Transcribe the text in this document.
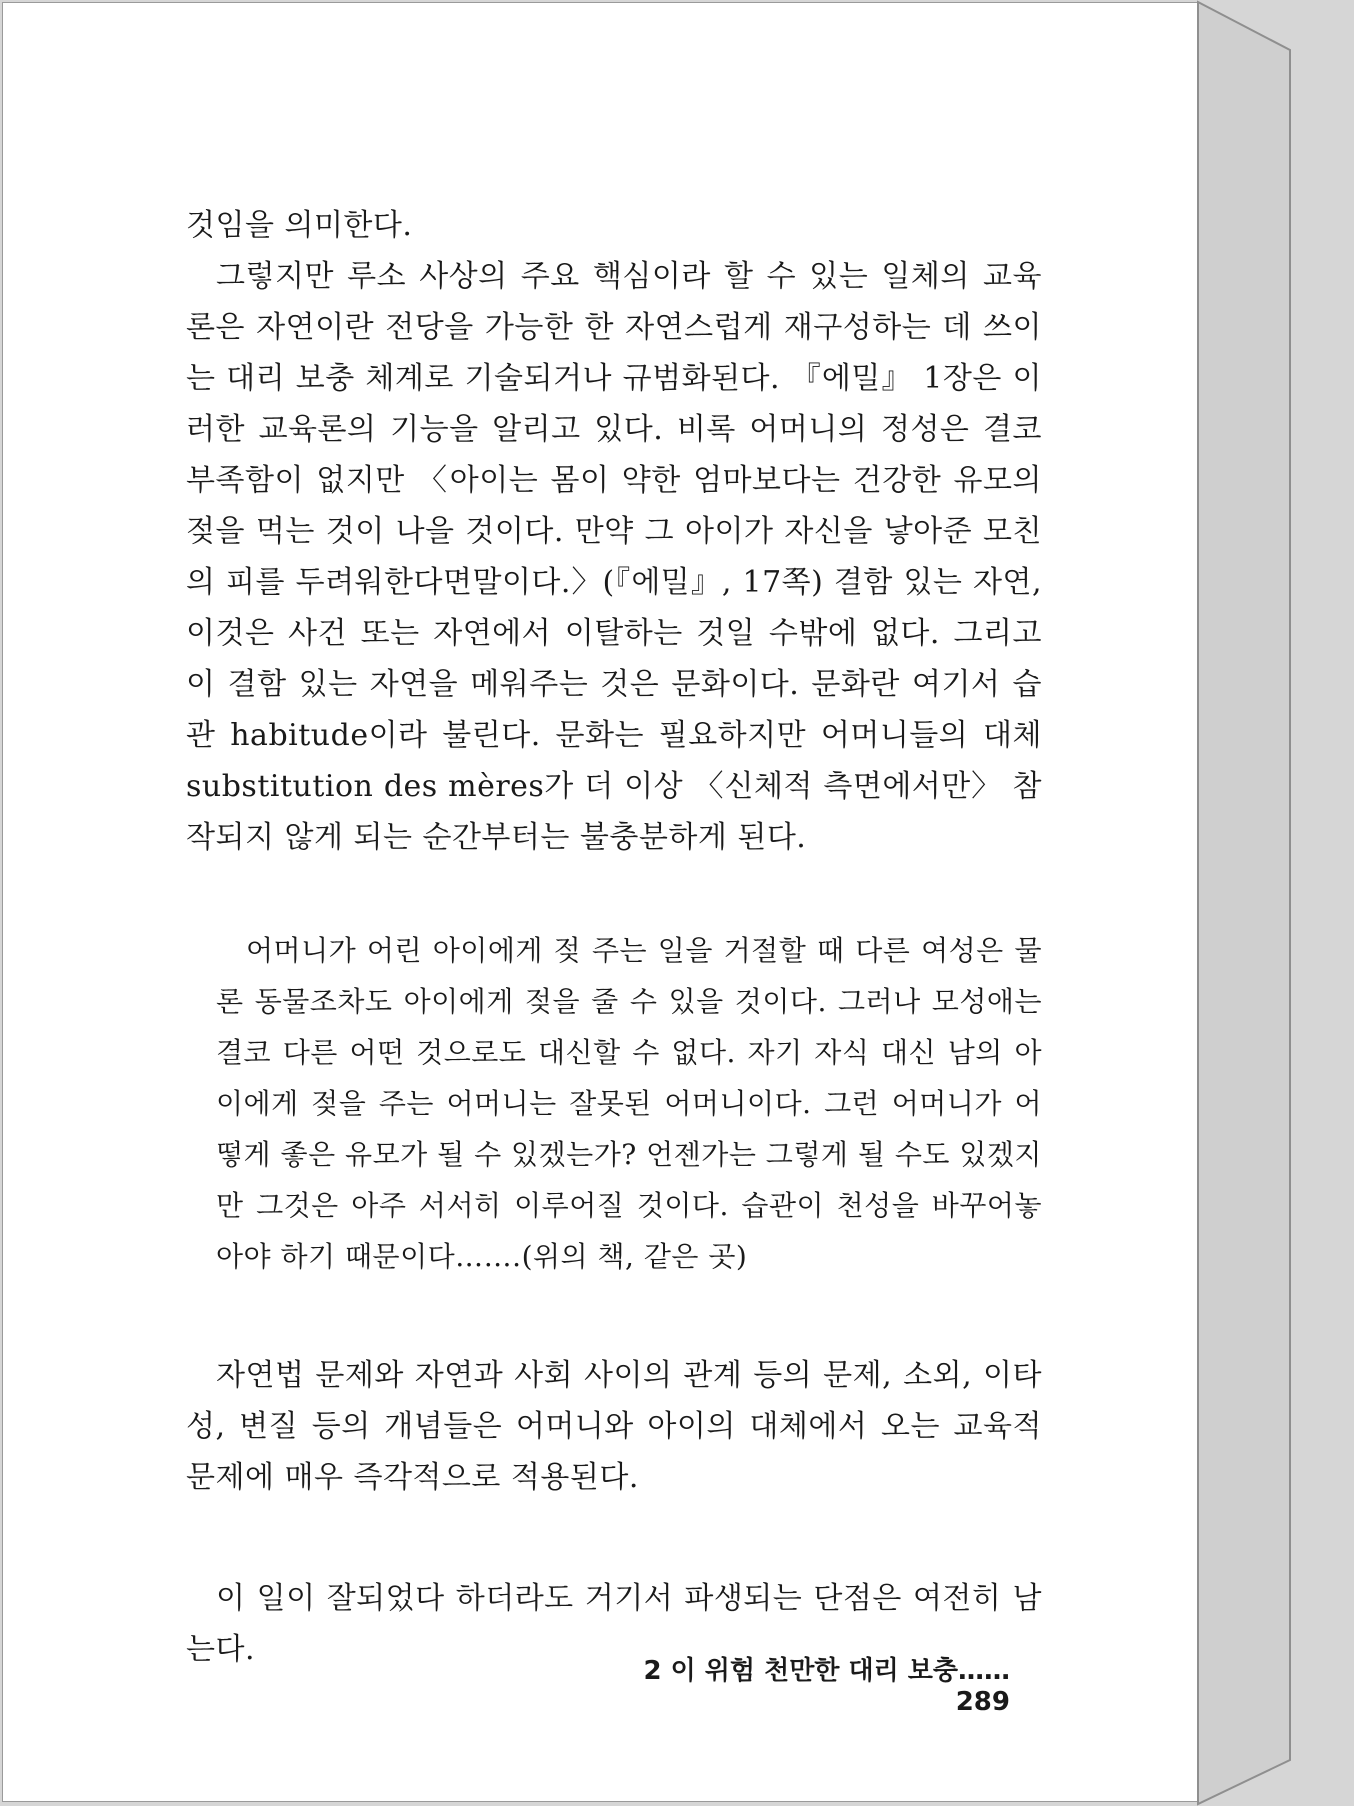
것임을 의미한다.

그렇지만 루소 사상의 주요 핵심이라 할 수 있는 일체의 교육론은 자연이란 전당을 가능한 한 자연스럽게 재구성하는 데 쓰이는 대리 보충 체계로 기술되거나 규범화된다. 『에밀』 1장은 이러한 교육론의 기능을 알리고 있다. 비록 어머니의 정성은 결코 부족함이 없지만 〈아이는 몸이 약한 엄마보다는 건강한 유모의 젖을 먹는 것이 나을 것이다. 만약 그 아이가 자신을 낳아준 모친의 피를 두려워한다면말이다.〉(『에밀』, 17쪽) 결함 있는 자연, 이것은 사건 또는 자연에서 이탈하는 것일 수밖에 없다. 그리고 이 결함 있는 자연을 메워주는 것은 문화이다. 문화란 여기서 습관 habitude이라 불린다. 문화는 필요하지만 어머니들의 대체 substitution des mères가 더 이상 〈신체적 측면에서만〉 참작되지 않게 되는 순간부터는 불충분하게 된다.

어머니가 어린 아이에게 젖 주는 일을 거절할 때 다른 여성은 물론 동물조차도 아이에게 젖을 줄 수 있을 것이다. 그러나 모성애는 결코 다른 어떤 것으로도 대신할 수 없다. 자기 자식 대신 남의 아이에게 젖을 주는 어머니는 잘못된 어머니이다. 그런 어머니가 어떻게 좋은 유모가 될 수 있겠는가? 언젠가는 그렇게 될 수도 있겠지만 그것은 아주 서서히 이루어질 것이다. 습관이 천성을 바꾸어놓아야 하기 때문이다…….(위의 책, 같은 곳)

자연법 문제와 자연과 사회 사이의 관계 등의 문제, 소외, 이타성, 변질 등의 개념들은 어머니와 아이의 대체에서 오는 교육적 문제에 매우 즉각적으로 적용된다.

이 일이 잘되었다 하더라도 거기서 파생되는 단점은 여전히 남는다.

2 이 위험 천만한 대리 보충…… 289
